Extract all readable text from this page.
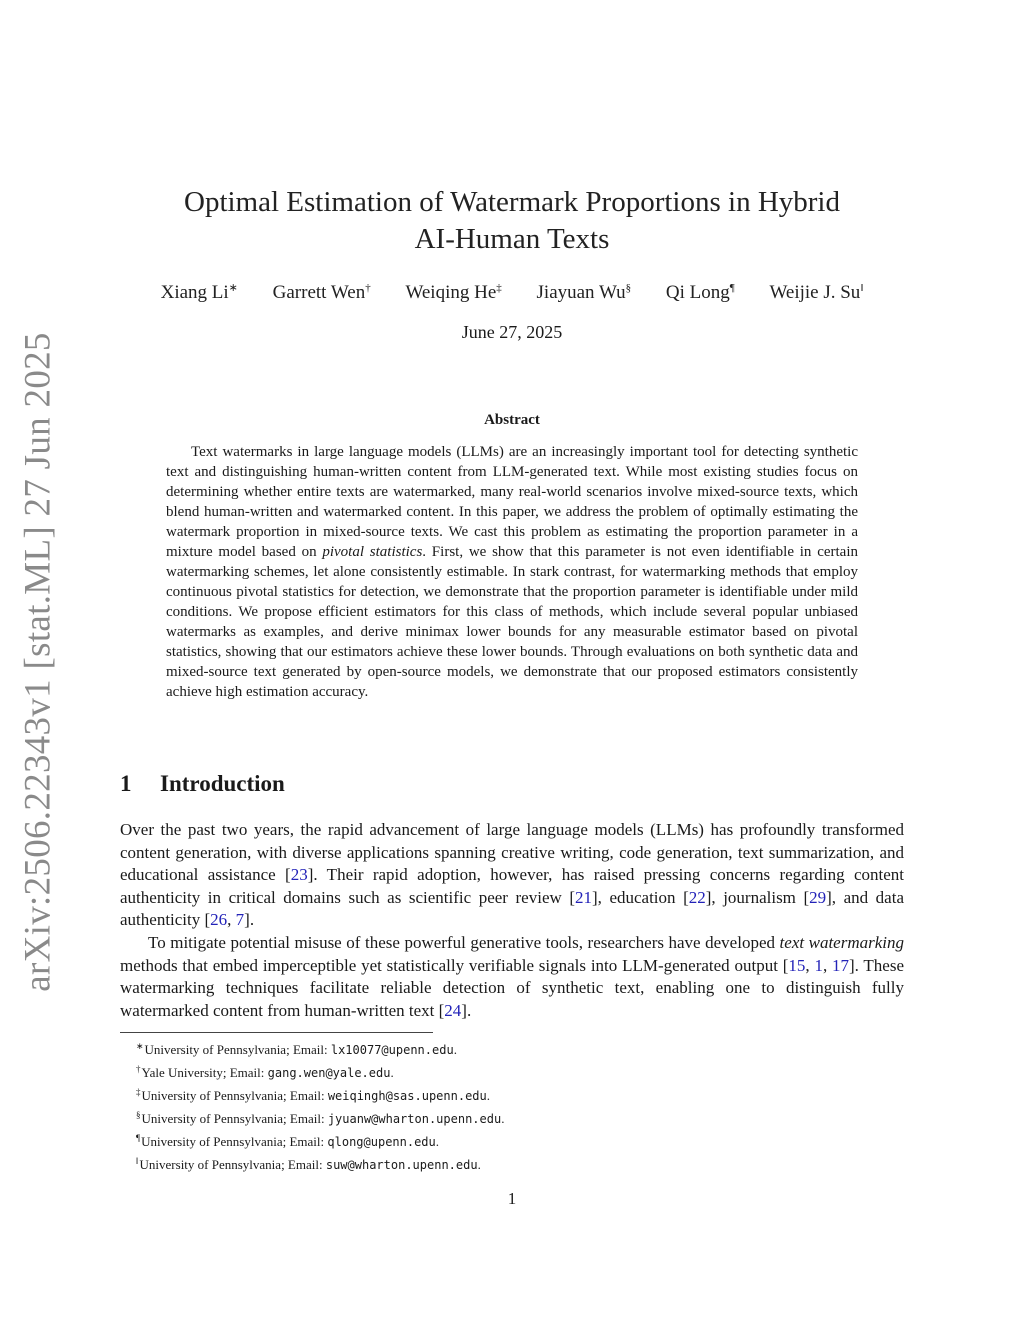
arXiv:2506.22343v1 [stat.ML] 27 Jun 2025
Optimal Estimation of Watermark Proportions in Hybrid
AI-Human Texts
Xiang Li∗ Garrett Wen† Weiqing He‡ Jiayuan Wu§ Qi Long¶ Weijie J. Su‖
June 27, 2025
Abstract

Text watermarks in large language models (LLMs) are an increasingly important tool for detecting synthetic text and distinguishing human-written content from LLM-generated text. While most existing studies focus on determining whether entire texts are watermarked, many real-world scenarios involve mixed-source texts, which blend human-written and watermarked content. In this paper, we address the problem of optimally estimating the watermark proportion in mixed-source texts. We cast this problem as estimating the proportion parameter in a mixture model based on pivotal statistics. First, we show that this parameter is not even identifiable in certain watermarking schemes, let alone consistently estimable. In stark contrast, for watermarking methods that employ continuous pivotal statistics for detection, we demonstrate that the proportion parameter is identifiable under mild conditions. We propose efficient estimators for this class of methods, which include several popular unbiased watermarks as examples, and derive minimax lower bounds for any measurable estimator based on pivotal statistics, showing that our estimators achieve these lower bounds. Through evaluations on both synthetic data and mixed-source text generated by open-source models, we demonstrate that our proposed estimators consistently achieve high estimation accuracy.

1 Introduction

Over the past two years, the rapid advancement of large language models (LLMs) has profoundly transformed content generation, with diverse applications spanning creative writing, code generation, text summarization, and educational assistance [23]. Their rapid adoption, however, has raised pressing concerns regarding content authenticity in critical domains such as scientific peer review [21], education [22], journalism [29], and data authenticity [26, 7].

To mitigate potential misuse of these powerful generative tools, researchers have developed text watermarking methods that embed imperceptible yet statistically verifiable signals into LLM-generated output [15, 1, 17]. These watermarking techniques facilitate reliable detection of synthetic text, enabling one to distinguish fully watermarked content from human-written text [24].

∗University of Pennsylvania; Email: lx10077@upenn.edu.
†Yale University; Email: gang.wen@yale.edu.
‡University of Pennsylvania; Email: weiqingh@sas.upenn.edu.
§University of Pennsylvania; Email: jyuanw@wharton.upenn.edu.
¶University of Pennsylvania; Email: qlong@upenn.edu.
‖University of Pennsylvania; Email: suw@wharton.upenn.edu.
1
